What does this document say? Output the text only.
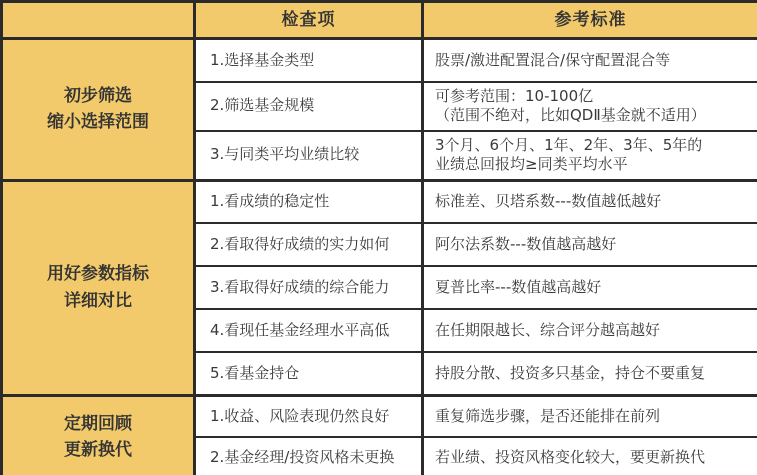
	检查项	参考标准

初步筛选
缩小选择范围	1.选择基金类型	股票/激进配置混合/保守配置混合等

	2.筛选基金规模	可参考范围：10-100亿
（范围不绝对，比如QDⅡ基金就不适用）

	3.与同类平均业绩比较	3个月、6个月、1年、2年、3年、5年的
业绩总回报均≥同类平均水平

用好参数指标
详细对比	1.看成绩的稳定性	标准差、贝塔系数---数值越低越好

	2.看取得好成绩的实力如何	阿尔法系数---数值越高越好

	3.看取得好成绩的综合能力	夏普比率---数值越高越好

	4.看现任基金经理水平高低	在任期限越长、综合评分越高越好

	5.看基金持仓	持股分散、投资多只基金，持仓不要重复

定期回顾
更新换代	1.收益、风险表现仍然良好	重复筛选步骤，是否还能排在前列

	2.基金经理/投资风格未更换	若业绩、投资风格变化较大，要更新换代
